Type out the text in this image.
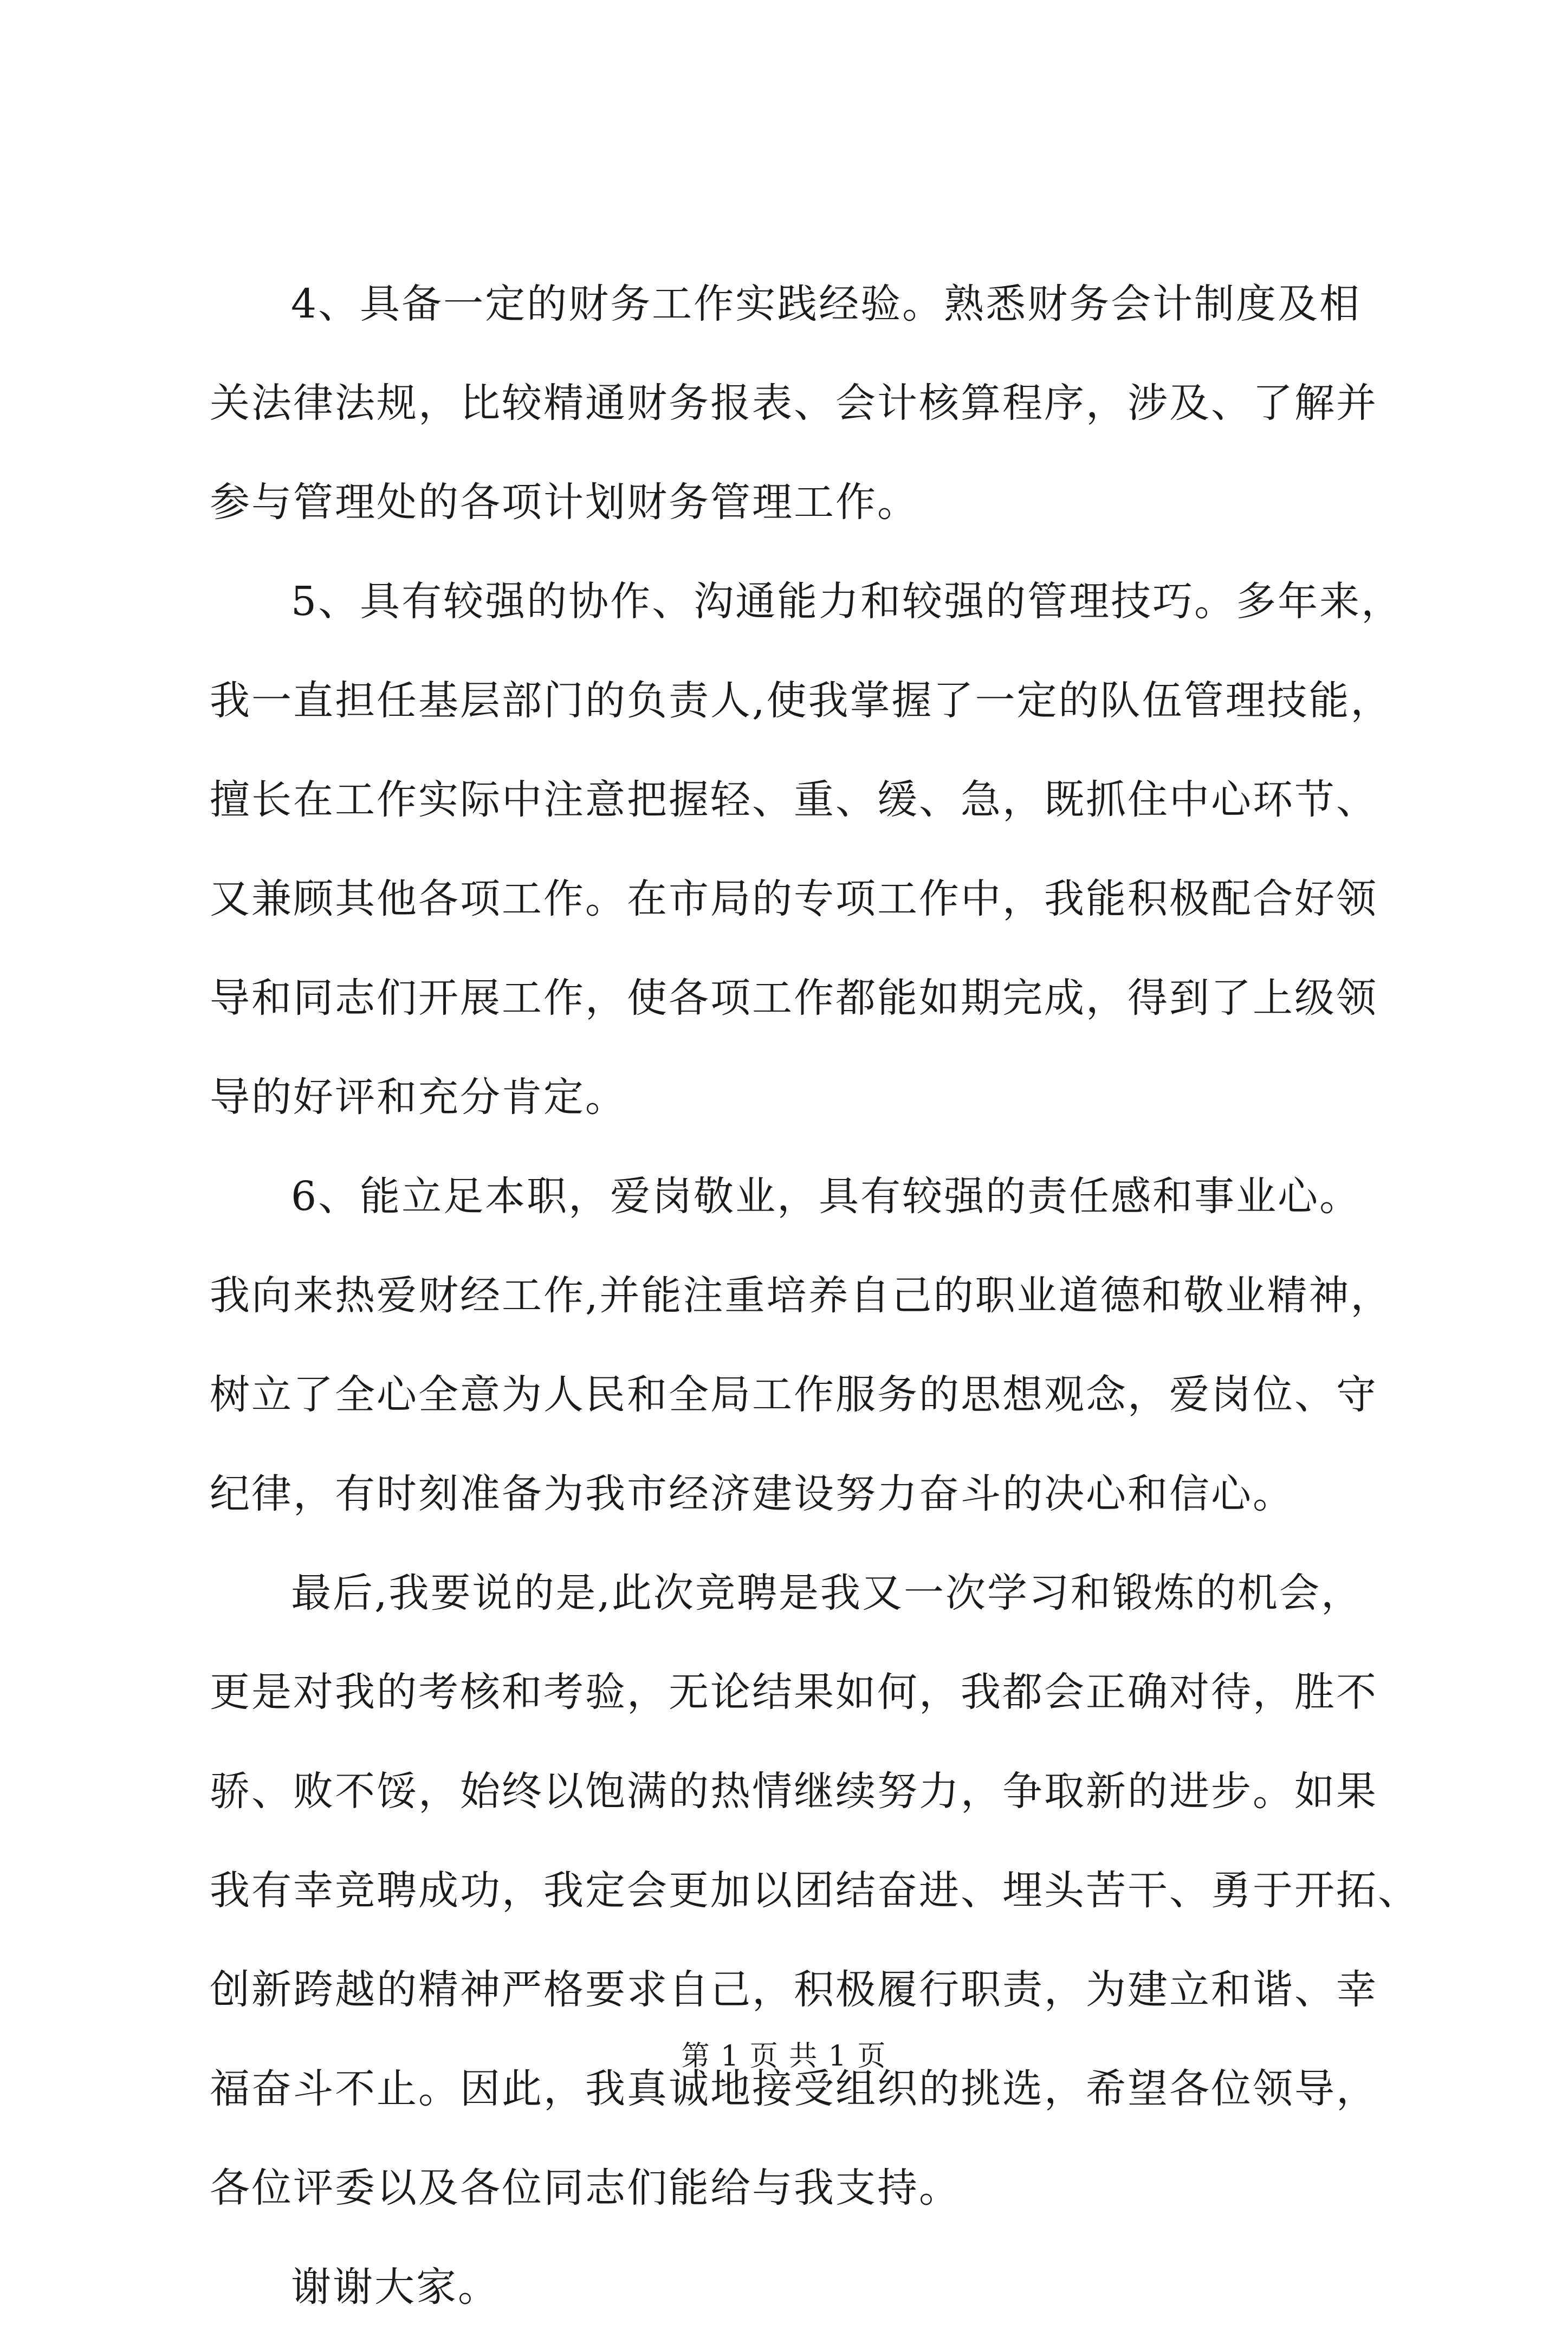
4、具备一定的财务工作实践经验。熟悉财务会计制度及相
关法律法规，比较精通财务报表、会计核算程序，涉及、了解并
参与管理处的各项计划财务管理工作。
5、具有较强的协作、沟通能力和较强的管理技巧。多年来，
我一直担任基层部门的负责人,使我掌握了一定的队伍管理技能，
擅长在工作实际中注意把握轻、重、缓、急，既抓住中心环节、
又兼顾其他各项工作。在市局的专项工作中，我能积极配合好领
导和同志们开展工作，使各项工作都能如期完成，得到了上级领
导的好评和充分肯定。
6、能立足本职，爱岗敬业，具有较强的责任感和事业心。
我向来热爱财经工作,并能注重培养自己的职业道德和敬业精神，
树立了全心全意为人民和全局工作服务的思想观念，爱岗位、守
纪律，有时刻准备为我市经济建设努力奋斗的决心和信心。
最后,我要说的是,此次竞聘是我又一次学习和锻炼的机会，
更是对我的考核和考验，无论结果如何，我都会正确对待，胜不
骄、败不馁，始终以饱满的热情继续努力，争取新的进步。如果
我有幸竞聘成功，我定会更加以团结奋进、埋头苦干、勇于开拓、
创新跨越的精神严格要求自己，积极履行职责，为建立和谐、幸
福奋斗不止。因此，我真诚地接受组织的挑选，希望各位领导，
各位评委以及各位同志们能给与我支持。
谢谢大家。
第 1 页 共 1 页
